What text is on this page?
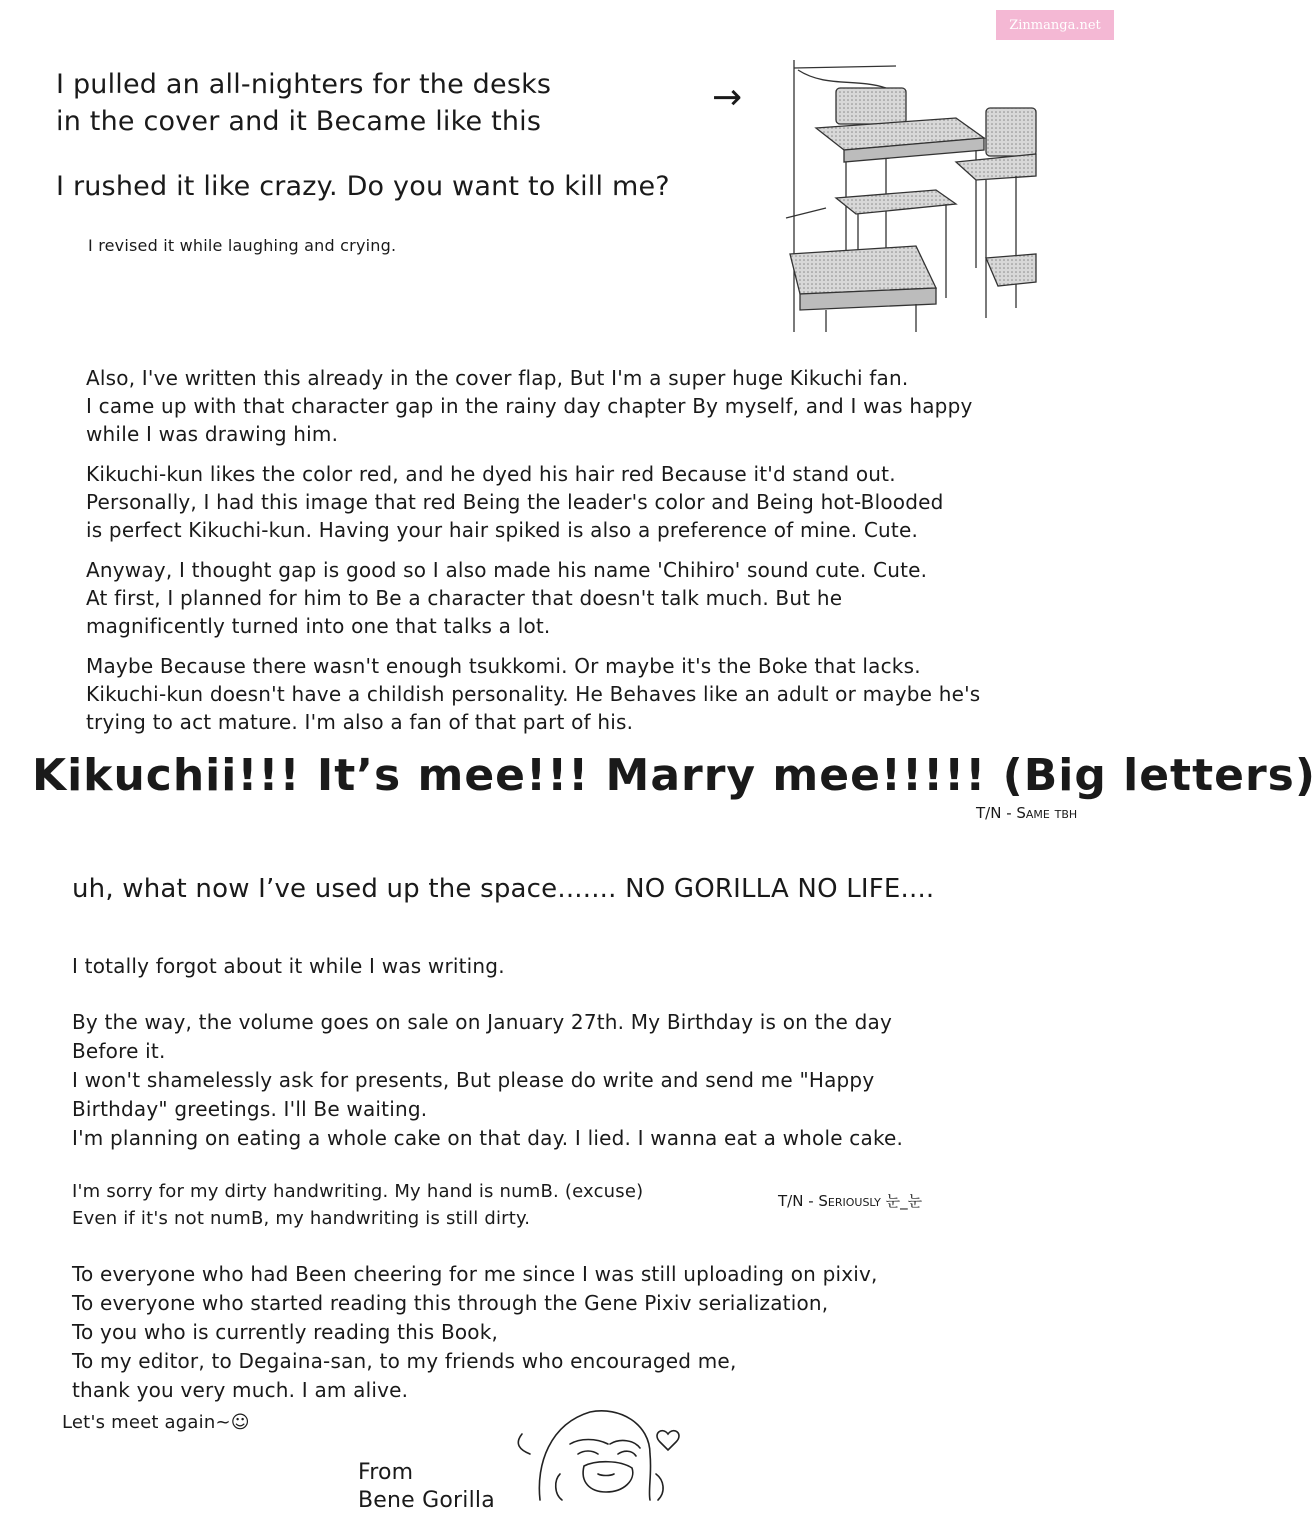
Zinmanga.net
I pulled an all-nighters for the desks
in the cover and it Became like this
→
I rushed it like crazy. Do you want to kill me?
I revised it while laughing and crying.
Also, I've written this already in the cover flap, But I'm a super huge Kikuchi fan.
I came up with that character gap in the rainy day chapter By myself, and I was happy
while I was drawing him.
Kikuchi-kun likes the color red, and he dyed his hair red Because it'd stand out.
Personally, I had this image that red Being the leader's color and Being hot-Blooded
is perfect Kikuchi-kun. Having your hair spiked is also a preference of mine. Cute.
Anyway, I thought gap is good so I also made his name 'Chihiro' sound cute. Cute.
At first, I planned for him to Be a character that doesn't talk much. But he
magnificently turned into one that talks a lot.
Maybe Because there wasn't enough tsukkomi. Or maybe it's the Boke that lacks.
Kikuchi-kun doesn't have a childish personality. He Behaves like an adult or maybe he's
trying to act mature. I'm also a fan of that part of his.
Kikuchii!!! It’s mee!!! Marry mee!!!!! (Big letters)
T/N - Same tbh
uh, what now I’ve used up the space....... NO GORILLA NO LIFE....
I totally forgot about it while I was writing.
By the way, the volume goes on sale on January 27th. My Birthday is on the day
Before it.
I won't shamelessly ask for presents, But please do write and send me "Happy
Birthday" greetings. I'll Be waiting.
I'm planning on eating a whole cake on that day. I lied. I wanna eat a whole cake.
I'm sorry for my dirty handwriting. My hand is numB. (excuse)
Even if it's not numB, my handwriting is still dirty.
T/N - Seriously 눈_눈
To everyone who had Been cheering for me since I was still uploading on pixiv,
To everyone who started reading this through the Gene Pixiv serialization,
To you who is currently reading this Book,
To my editor, to Degaina-san, to my friends who encouraged me,
thank you very much. I am alive.
Let's meet again~☺
From
Bene Gorilla
